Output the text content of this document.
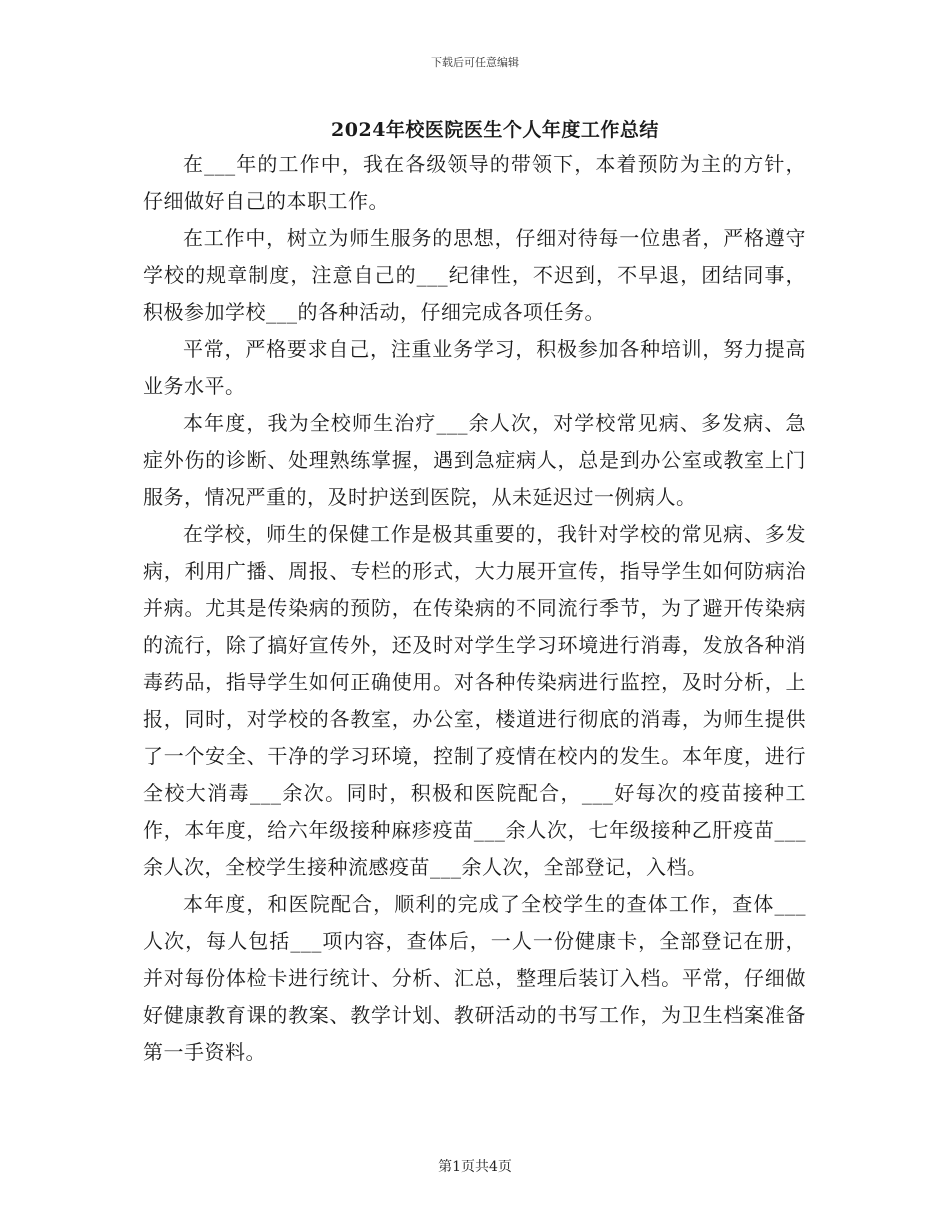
下载后可任意编辑
2024年校医院医生个人年度工作总结

在___年的工作中，我在各级领导的带领下，本着预防为主的方针，仔细做好自己的本职工作。

在工作中，树立为师生服务的思想，仔细对待每一位患者，严格遵守学校的规章制度，注意自己的___纪律性，不迟到，不早退，团结同事，积极参加学校___的各种活动，仔细完成各项任务。

平常，严格要求自己，注重业务学习，积极参加各种培训，努力提高业务水平。

本年度，我为全校师生治疗___余人次，对学校常见病、多发病、急症外伤的诊断、处理熟练掌握，遇到急症病人，总是到办公室或教室上门服务，情况严重的，及时护送到医院，从未延迟过一例病人。

在学校，师生的保健工作是极其重要的，我针对学校的常见病、多发病，利用广播、周报、专栏的形式，大力展开宣传，指导学生如何防病治并病。尤其是传染病的预防，在传染病的不同流行季节，为了避开传染病的流行，除了搞好宣传外，还及时对学生学习环境进行消毒，发放各种消毒药品，指导学生如何正确使用。对各种传染病进行监控，及时分析，上报，同时，对学校的各教室，办公室，楼道进行彻底的消毒，为师生提供了一个安全、干净的学习环境，控制了疫情在校内的发生。本年度，进行全校大消毒___余次。同时，积极和医院配合，___好每次的疫苗接种工作，本年度，给六年级接种麻疹疫苗___余人次，七年级接种乙肝疫苗___余人次，全校学生接种流感疫苗___余人次，全部登记，入档。

本年度，和医院配合，顺利的完成了全校学生的查体工作，查体___人次，每人包括___项内容，查体后，一人一份健康卡，全部登记在册，并对每份体检卡进行统计、分析、汇总，整理后装订入档。平常，仔细做好健康教育课的教案、教学计划、教研活动的书写工作，为卫生档案准备第一手资料。

第1页共4页
